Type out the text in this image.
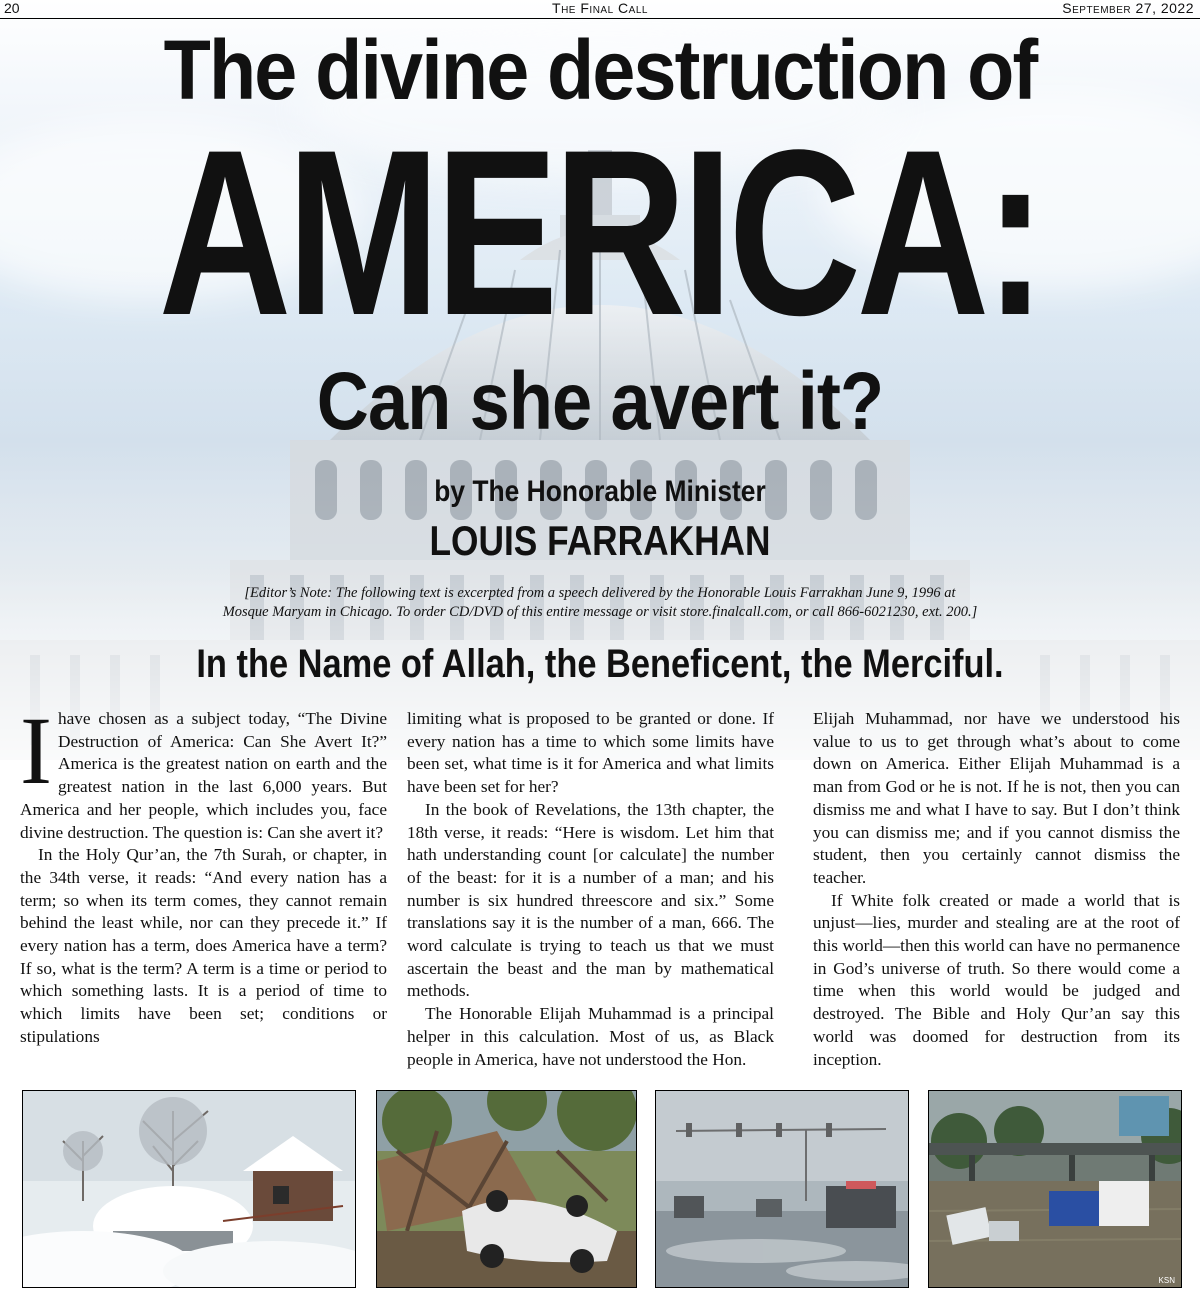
20	The Final Call	September 27, 2022
The divine destruction of
AMERICA:
Can she avert it?
by The Honorable Minister
LOUIS FARRAKHAN
[Editor’s Note: The following text is excerpted from a speech delivered by the Honorable Louis Farrakhan June 9, 1996 at
Mosque Maryam in Chicago. To order CD/DVD of this entire message or visit store.finalcall.com, or call 866-6021230, ext. 200.]
In the Name of Allah, the Beneficent, the Merciful.

Ihave chosen as a subject today, “The Divine Destruction of America: Can She Avert It?” America is the greatest nation on earth and the greatest nation in the last 6,000 years. But America and her people, which includes you, face divine destruction. The question is: Can she avert it?

In the Holy Qur’an, the 7th Surah, or chapter, in the 34th verse, it reads: “And every nation has a term; so when its term comes, they cannot remain behind the least while, nor can they precede it.” If every nation has a term, does America have a term? If so, what is the term? A term is a time or period to which something lasts. It is a period of time to which limits have been set; conditions or stipulations

limiting what is proposed to be granted or done. If every nation has a time to which some limits have been set, what time is it for America and what limits have been set for her?

In the book of Revelations, the 13th chapter, the 18th verse, it reads: “Here is wisdom. Let him that hath understanding count [or calculate] the number of the beast: for it is a number of a man; and his number is six hundred threescore and six.” Some translations say it is the number of a man, 666. The word calculate is trying to teach us that we must ascertain the beast and the man by mathematical methods.

The Honorable Elijah Muhammad is a principal helper in this calculation. Most of us, as Black people in America, have not understood the Hon.

Elijah Muhammad, nor have we understood his value to us to get through what’s about to come down on America. Either Elijah Muhammad is a man from God or he is not. If he is not, then you can dismiss me and what I have to say. But I don’t think you can dismiss me; and if you cannot dismiss the student, then you certainly cannot dismiss the teacher.

If White folk created or made a world that is unjust—lies, murder and stealing are at the root of this world—then this world can have no permanence in God’s universe of truth. So there would come a time when this world would be judged and destroyed. The Bible and Holy Qur’an say this world was doomed for destruction from its inception.

KSN
